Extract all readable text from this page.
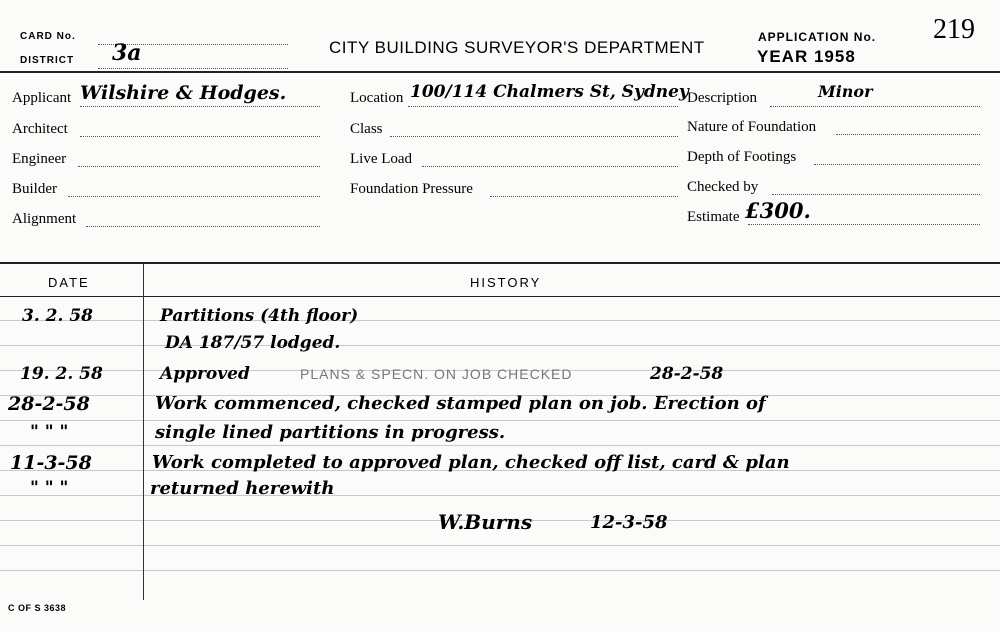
CARD No.
DISTRICT 3a	CITY BUILDING SURVEYOR'S DEPARTMENT
APPLICATION No. 219
YEAR 1958
Applicant Wilshire & Hodges.
Architect
Engineer
Builder
Alignment
Location 100/114 Chalmers St, Sydney
Class
Live Load
Foundation Pressure
Description	Minor
Nature of Foundation
Depth of Footings
Checked by
Estimate £300.
DATE	HISTORY
3. 2. 58	Partitions (4th floor)
DA 187/57 lodged.
19. 2. 58	Approved	PLANS & SPECN. ON JOB CHECKED	28-2-58
28-2-58	Work commenced, checked stamped plan on job. Erection of
" " "	single lined partitions in progress.
11-3-58	Work completed to approved plan, checked off list, card & plan
" " "	returned herewith
W.Burns	12-3-58
C OF S 3638
